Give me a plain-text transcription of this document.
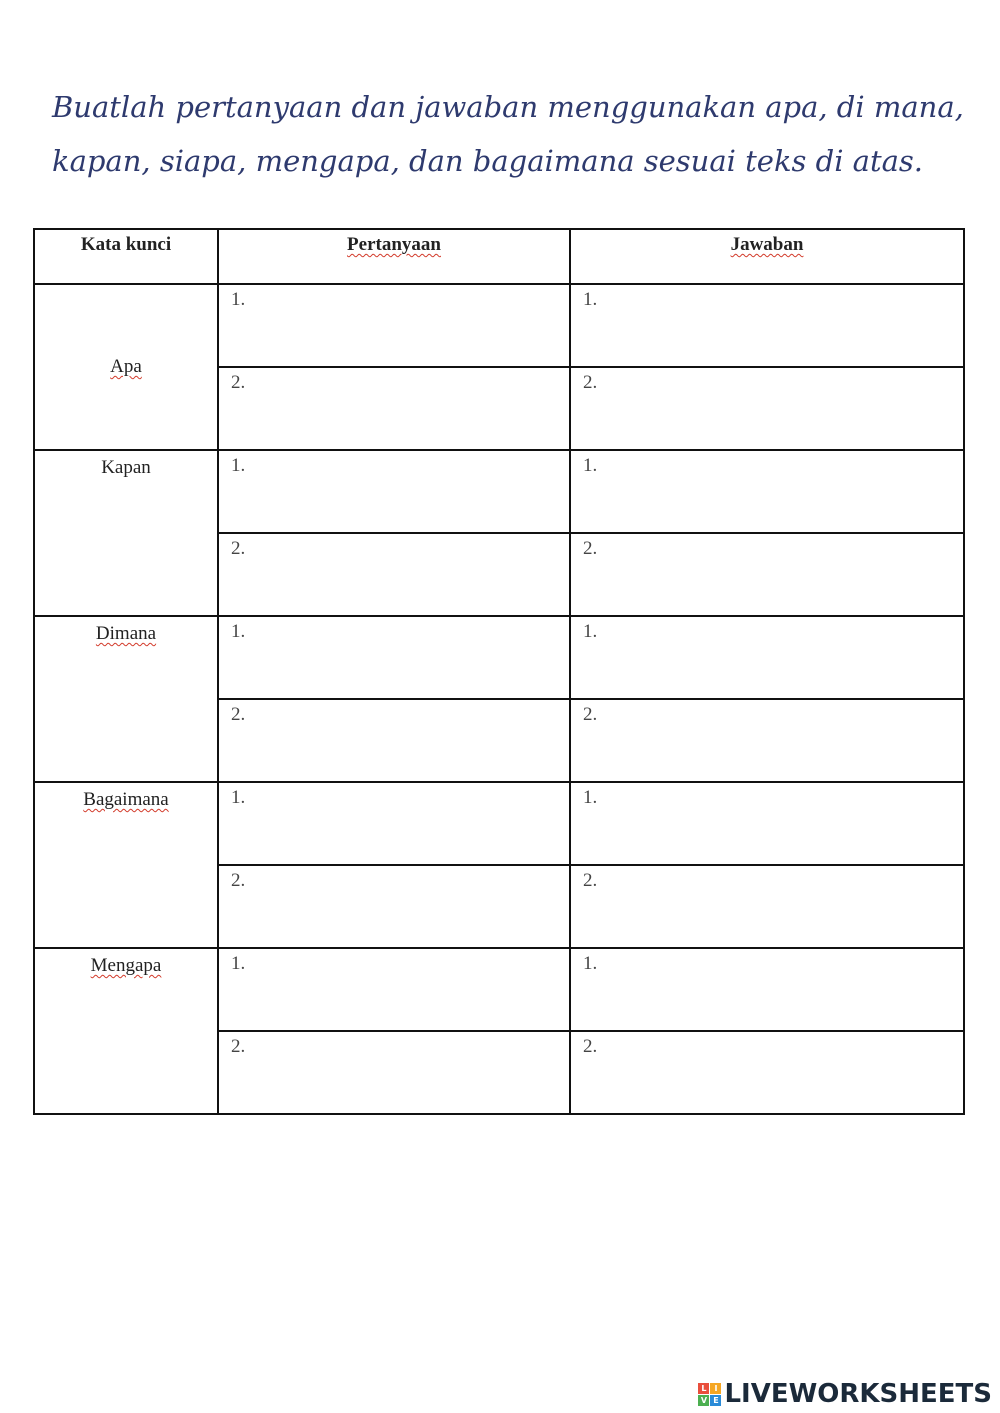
Buatlah pertanyaan dan jawaban menggunakan apa, di mana,
kapan, siapa, mengapa, dan bagaimana sesuai teks di atas.

Kata kunci	Pertanyaan	Jawaban
Apa	1.	1.
	2.	2.
Kapan	1.	1.
	2.	2.
Dimana	1.	1.
	2.	2.
Bagaimana	1.	1.
	2.	2.
Mengapa	1.	1.
	2.	2.
L I
V E LIVEWORKSHEETS
